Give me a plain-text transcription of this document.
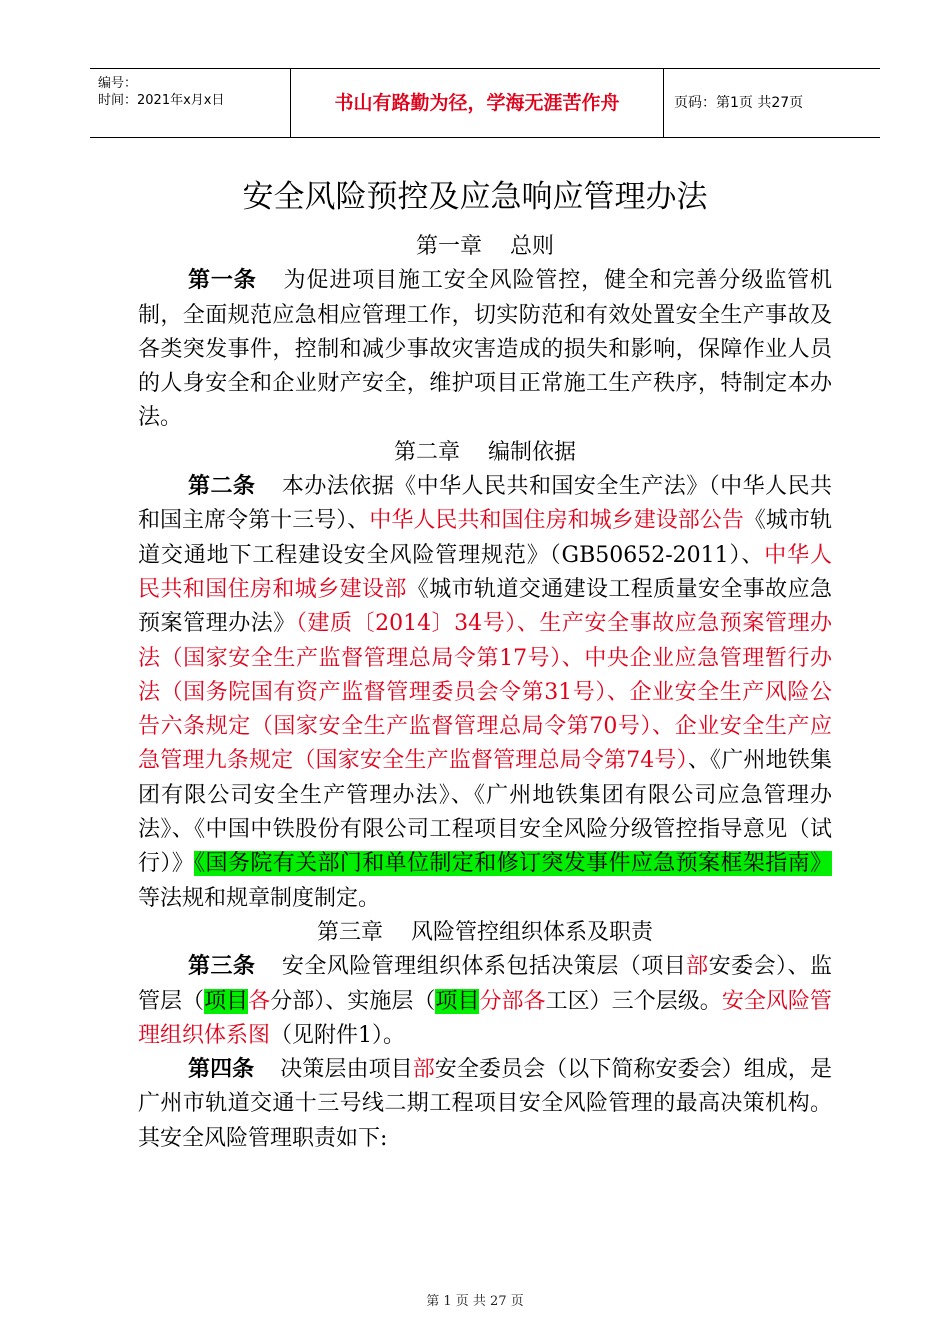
编号：
时间：2021年x月x日	书山有路勤为径，学海无涯苦作舟	页码：第1页 共27页
安全风险预控及应急响应管理办法
第一章 总则

第一条 为促进项目施工安全风险管控，健全和完善分级监管机制，全面规范应急相应管理工作，切实防范和有效处置安全生产事故及各类突发事件，控制和减少事故灾害造成的损失和影响，保障作业人员的人身安全和企业财产安全，维护项目正常施工生产秩序，特制定本办法。

第二章 编制依据

第二条 本办法依据《中华人民共和国安全生产法》（中华人民共和国主席令第十三号）、中华人民共和国住房和城乡建设部公告《城市轨道交通地下工程建设安全风险管理规范》（GB50652-2011）、中华人民共和国住房和城乡建设部《城市轨道交通建设工程质量安全事故应急预案管理办法》（建质〔2014〕34号）、生产安全事故应急预案管理办法（国家安全生产监督管理总局令第17号）、中央企业应急管理暂行办法（国务院国有资产监督管理委员会令第31号）、企业安全生产风险公告六条规定（国家安全生产监督管理总局令第70号）、企业安全生产应急管理九条规定（国家安全生产监督管理总局令第74号）、《广州地铁集团有限公司安全生产管理办法》、《广州地铁集团有限公司应急管理办法》、《中国中铁股份有限公司工程项目安全风险分级管控指导意见（试行）》《国务院有关部门和单位制定和修订突发事件应急预案框架指南》等法规和规章制度制定。

第三章 风险管控组织体系及职责

第三条 安全风险管理组织体系包括决策层（项目部安委会）、监管层（项目各分部）、实施层（项目分部各工区）三个层级。安全风险管理组织体系图（见附件1）。

第四条 决策层由项目部安全委员会（以下简称安委会）组成，是广州市轨道交通十三号线二期工程项目安全风险管理的最高决策机构。其安全风险管理职责如下:

第 1 页 共 27 页
